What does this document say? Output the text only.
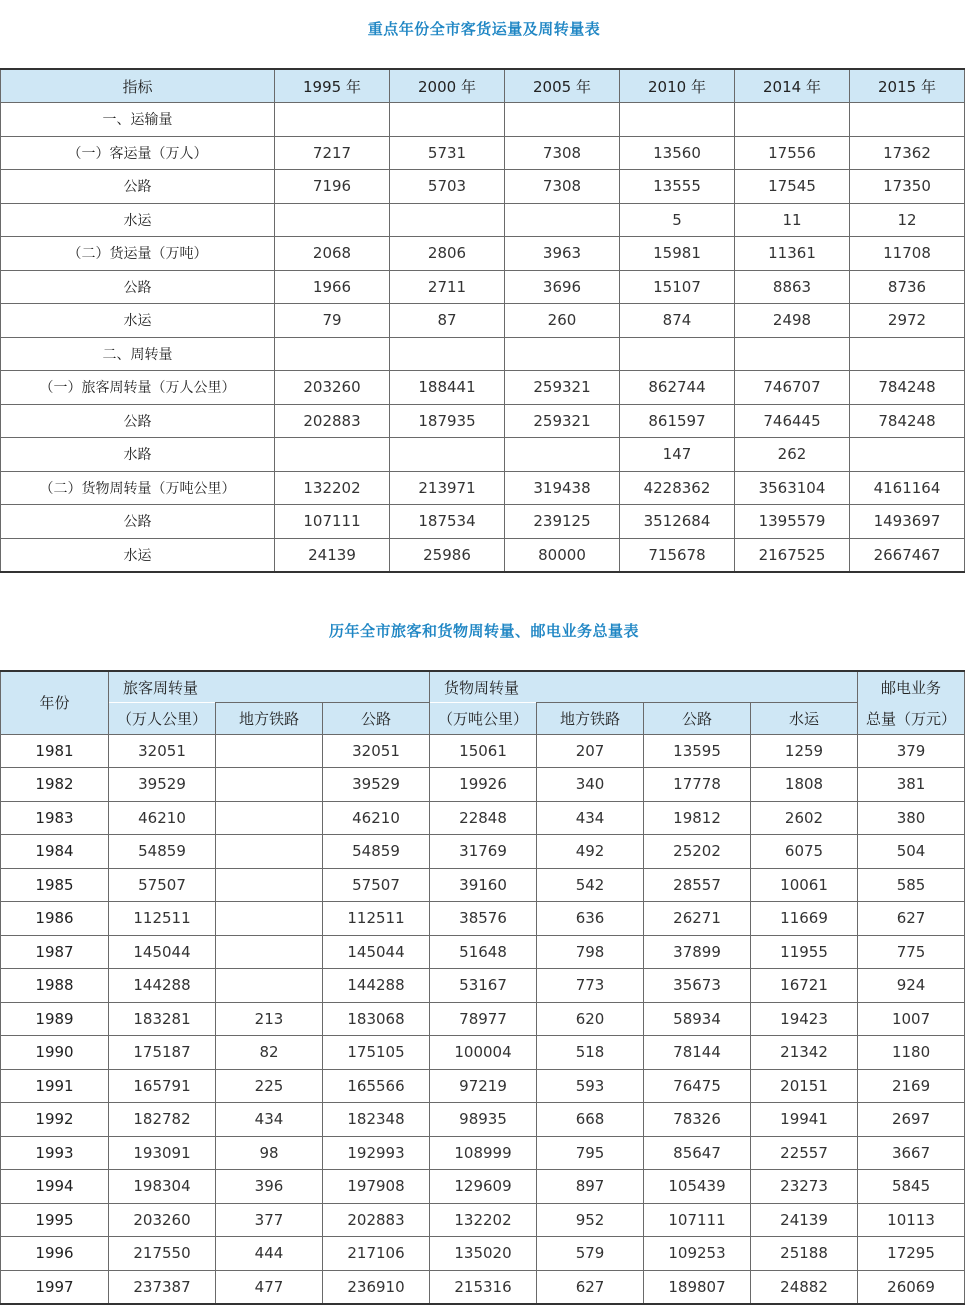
重点年份全市客货运量及周转量表
指标	1995 年	2000 年	2005 年	2010 年	2014 年	2015 年
一、运输量						
（一）客运量（万人）	7217	5731	7308	13560	17556	17362
公路	7196	5703	7308	13555	17545	17350
水运				5	11	12
（二）货运量（万吨）	2068	2806	3963	15981	11361	11708
公路	1966	2711	3696	15107	8863	8736
水运	79	87	260	874	2498	2972
二、周转量						
（一）旅客周转量（万人公里）	203260	188441	259321	862744	746707	784248
公路	202883	187935	259321	861597	746445	784248
水路				147	262	
（二）货物周转量（万吨公里）	132202	213971	319438	4228362	3563104	4161164
公路	107111	187534	239125	3512684	1395579	1493697
水运	24139	25986	80000	715678	2167525	2667467
历年全市旅客和货物周转量、邮电业务总量表
年份	旅客周转量			货物周转量				邮电业务
	（万人公里）	地方铁路	公路	（万吨公里）	地方铁路	公路	水运	总量（万元）
1981	32051		32051	15061	207	13595	1259	379
1982	39529		39529	19926	340	17778	1808	381
1983	46210		46210	22848	434	19812	2602	380
1984	54859		54859	31769	492	25202	6075	504
1985	57507		57507	39160	542	28557	10061	585
1986	112511		112511	38576	636	26271	11669	627
1987	145044		145044	51648	798	37899	11955	775
1988	144288		144288	53167	773	35673	16721	924
1989	183281	213	183068	78977	620	58934	19423	1007
1990	175187	82	175105	100004	518	78144	21342	1180
1991	165791	225	165566	97219	593	76475	20151	2169
1992	182782	434	182348	98935	668	78326	19941	2697
1993	193091	98	192993	108999	795	85647	22557	3667
1994	198304	396	197908	129609	897	105439	23273	5845
1995	203260	377	202883	132202	952	107111	24139	10113
1996	217550	444	217106	135020	579	109253	25188	17295
1997	237387	477	236910	215316	627	189807	24882	26069
